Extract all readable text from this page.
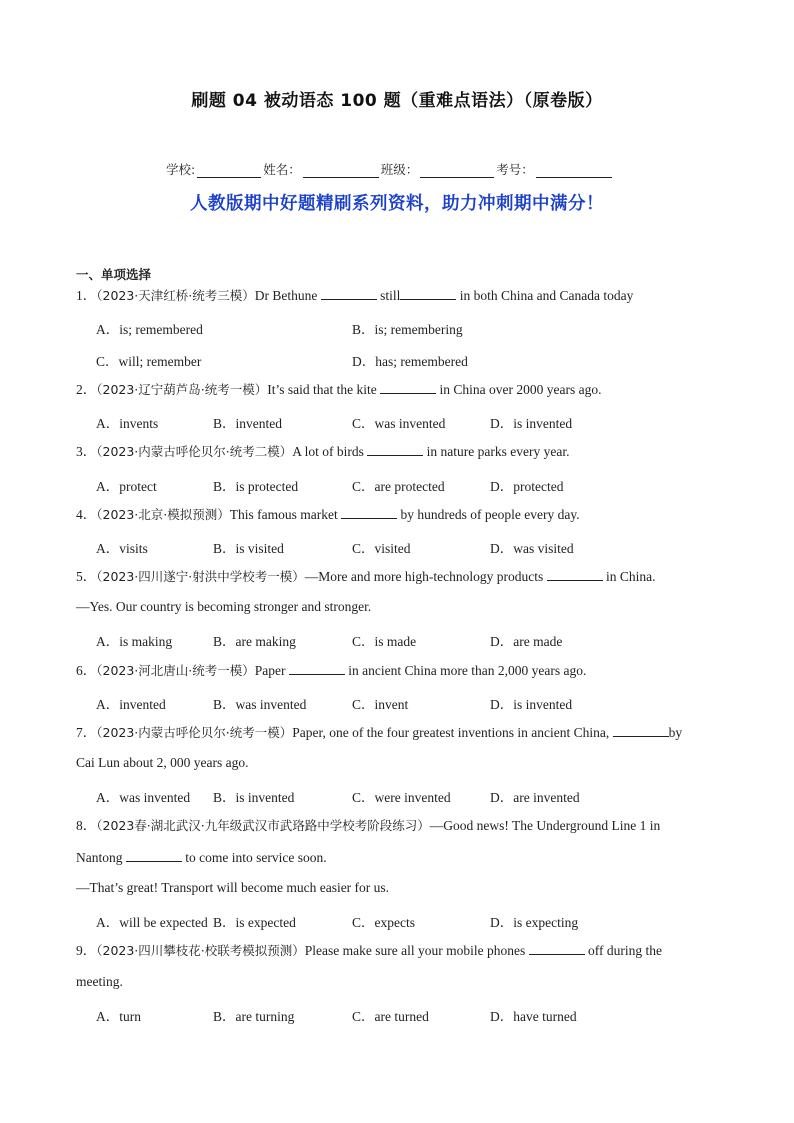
刷题 04 被动语态 100 题（重难点语法）（原卷版）
学校:	姓名：	班级：	考号：
人教版期中好题精刷系列资料，助力冲刺期中满分！
一、单项选择
1．（2023·天津红桥·统考三模）Dr Bethune	still	in both China and Canada today
A．is; remembered	B．is; remembering
C．will; remember	D．has; remembered
2．（2023·辽宁葫芦岛·统考一模）It’s said that the kite	in China over 2000 years ago.
A．invents	B．invented	C．was invented	D．is invented
3．（2023·内蒙古呼伦贝尔·统考二模）A lot of birds	in nature parks every year.
A．protect	B．is protected	C．are protected	D．protected
4．（2023·北京·模拟预测）This famous market	by hundreds of people every day.
A．visits	B．is visited	C．visited	D．was visited
5．（2023·四川遂宁·射洪中学校考一模）—More and more high-technology products	in China.
—Yes. Our country is becoming stronger and stronger.
A．is making	B．are making	C．is made	D．are made
6．（2023·河北唐山·统考一模）Paper	in ancient China more than 2,000 years ago.
A．invented	B．was invented	C．invent	D．is invented
7．（2023·内蒙古呼伦贝尔·统考一模）Paper, one of the four greatest inventions in ancient China,	by
Cai Lun about 2, 000 years ago.
A．was invented B．is invented	C．were invented	D．are invented
8．（2023春·湖北武汉·九年级武汉市武珞路中学校考阶段练习）—Good news! The Underground Line 1 in
Nantong	to come into service soon.
—That’s great! Transport will become much easier for us.
A．will be expected B．is expected	C．expects	D．is expecting
9．（2023·四川攀枝花·校联考模拟预测）Please make sure all your mobile phones	off during the
meeting.
A．turn	B．are turning	C．are turned	D．have turned
